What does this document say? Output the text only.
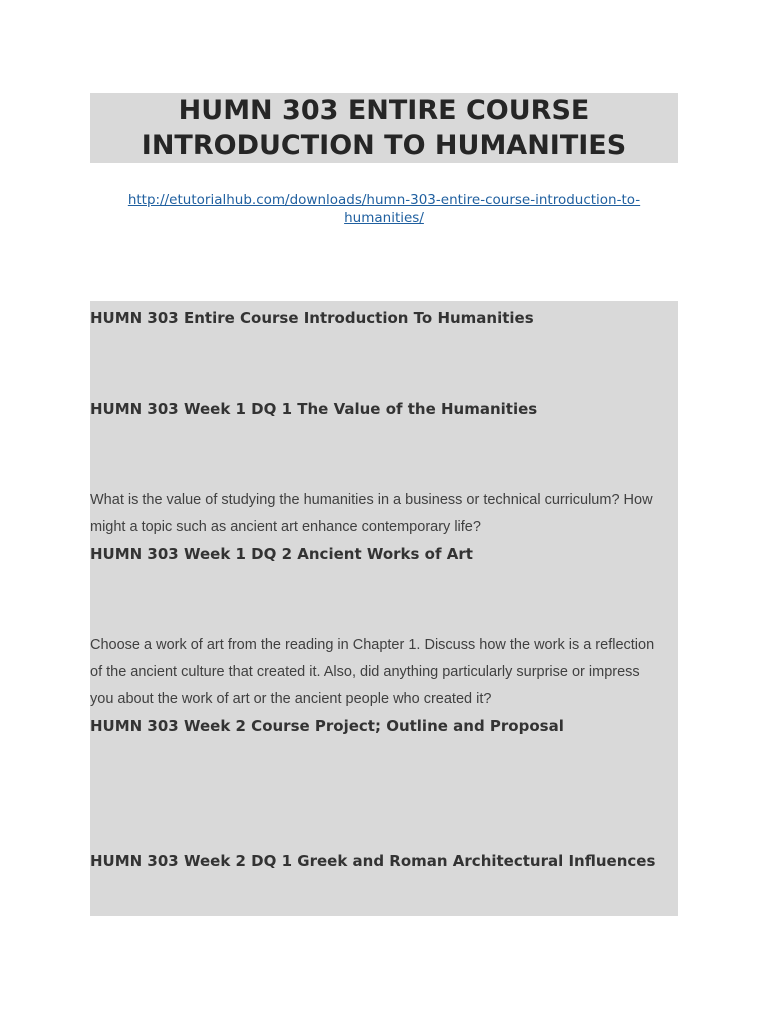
HUMN 303 ENTIRE COURSE
INTRODUCTION TO HUMANITIES
http://etutorialhub.com/downloads/humn-303-entire-course-introduction-to-
humanities/
HUMN 303 Entire Course Introduction To Humanities
HUMN 303 Week 1 DQ 1 The Value of the Humanities
What is the value of studying the humanities in a business or technical curriculum? How
might a topic such as ancient art enhance contemporary life?
HUMN 303 Week 1 DQ 2 Ancient Works of Art
Choose a work of art from the reading in Chapter 1. Discuss how the work is a reflection
of the ancient culture that created it. Also, did anything particularly surprise or impress
you about the work of art or the ancient people who created it?
HUMN 303 Week 2 Course Project; Outline and Proposal
HUMN 303 Week 2 DQ 1 Greek and Roman Architectural Influences
